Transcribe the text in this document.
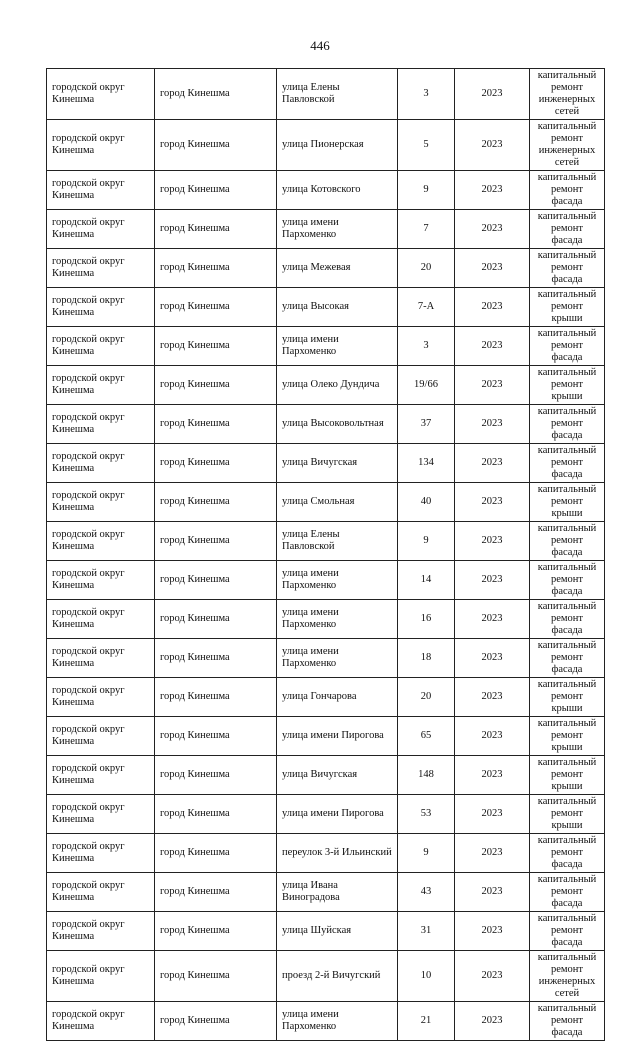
446
городской округ Кинешма	город Кинешма	улица Елены Павловской	3	2023	капитальный ремонт инженерных сетей
городской округ Кинешма	город Кинешма	улица Пионерская	5	2023	капитальный ремонт инженерных сетей
городской округ Кинешма	город Кинешма	улица Котовского	9	2023	капитальный ремонт фасада
городской округ Кинешма	город Кинешма	улица имени Пархоменко	7	2023	капитальный ремонт фасада
городской округ Кинешма	город Кинешма	улица Межевая	20	2023	капитальный ремонт фасада
городской округ Кинешма	город Кинешма	улица Высокая	7-А	2023	капитальный ремонт крыши
городской округ Кинешма	город Кинешма	улица имени Пархоменко	3	2023	капитальный ремонт фасада
городской округ Кинешма	город Кинешма	улица Олеко Дундича	19/66	2023	капитальный ремонт крыши
городской округ Кинешма	город Кинешма	улица Высоковольтная	37	2023	капитальный ремонт фасада
городской округ Кинешма	город Кинешма	улица Вичугская	134	2023	капитальный ремонт фасада
городской округ Кинешма	город Кинешма	улица Смольная	40	2023	капитальный ремонт крыши
городской округ Кинешма	город Кинешма	улица Елены Павловской	9	2023	капитальный ремонт фасада
городской округ Кинешма	город Кинешма	улица имени Пархоменко	14	2023	капитальный ремонт фасада
городской округ Кинешма	город Кинешма	улица имени Пархоменко	16	2023	капитальный ремонт фасада
городской округ Кинешма	город Кинешма	улица имени Пархоменко	18	2023	капитальный ремонт фасада
городской округ Кинешма	город Кинешма	улица Гончарова	20	2023	капитальный ремонт крыши
городской округ Кинешма	город Кинешма	улица имени Пирогова	65	2023	капитальный ремонт крыши
городской округ Кинешма	город Кинешма	улица Вичугская	148	2023	капитальный ремонт крыши
городской округ Кинешма	город Кинешма	улица имени Пирогова	53	2023	капитальный ремонт крыши
городской округ Кинешма	город Кинешма	переулок 3-й Ильинский	9	2023	капитальный ремонт фасада
городской округ Кинешма	город Кинешма	улица Ивана Виноградова	43	2023	капитальный ремонт фасада
городской округ Кинешма	город Кинешма	улица Шуйская	31	2023	капитальный ремонт фасада
городской округ Кинешма	город Кинешма	проезд 2-й Вичугский	10	2023	капитальный ремонт инженерных сетей
городской округ Кинешма	город Кинешма	улица имени Пархоменко	21	2023	капитальный ремонт фасада
